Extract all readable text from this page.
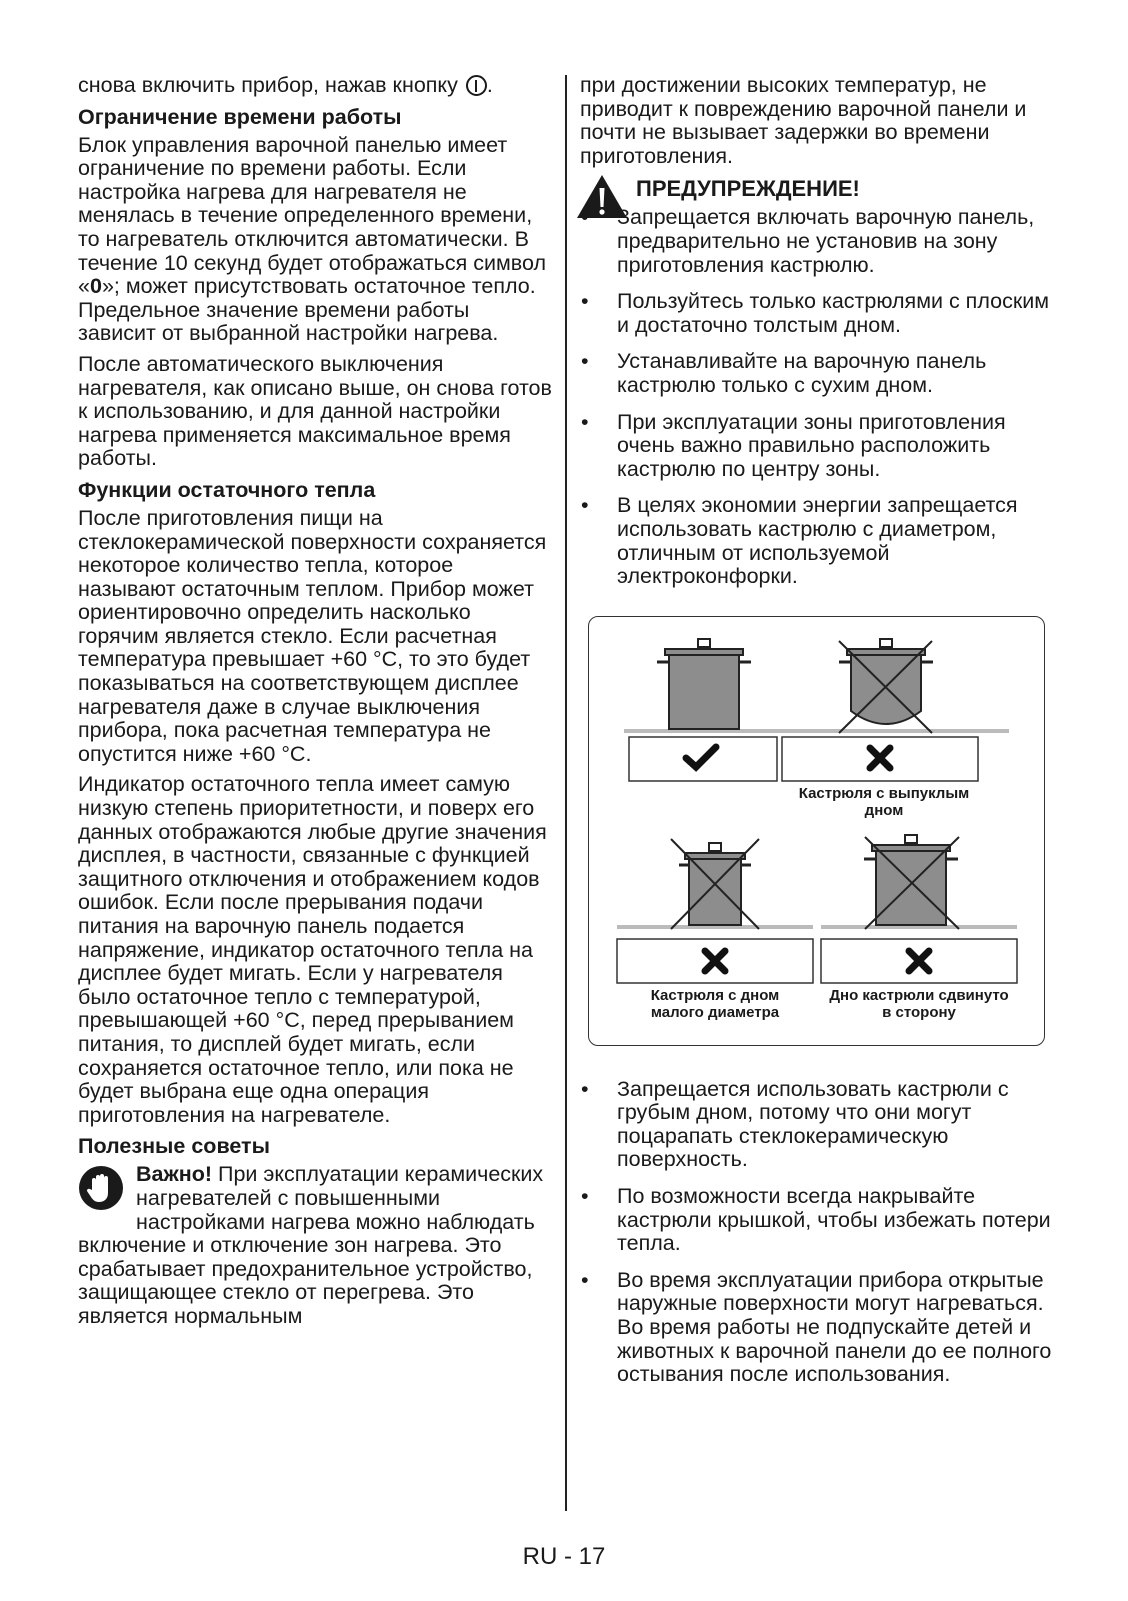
снова включить прибор, нажав кнопку .

Ограничение времени работы

Блок управления варочной панелью имеет ограничение по времени работы. Если настройка нагрева для нагревателя не менялась в течение определенного времени, то нагреватель отключится автоматически. В течение 10 секунд будет отображаться символ «0»; может присутствовать остаточное тепло. Предельное значение времени работы зависит от выбранной настройки нагрева.

После автоматического выключения нагревателя, как описано выше, он снова готов к использованию, и для данной настройки нагрева применяется максимальное время работы.

Функции остаточного тепла

После приготовления пищи на стеклокерамической поверхности сохраняется некоторое количество тепла, которое называют остаточным теплом. Прибор может ориентировочно определить насколько горячим является стекло. Если расчетная температура превышает +60 °С, то это будет показываться на соответствующем дисплее нагревателя даже в случае выключения прибора, пока расчетная температура не опустится ниже +60 °С.

Индикатор остаточного тепла имеет самую низкую степень приоритетности, и поверх его данных отображаются любые другие значения дисплея, в частности, связанные с функцией защитного отключения и отображением кодов ошибок. Если после прерывания подачи питания на варочную панель подается напряжение, индикатор остаточного тепла на дисплее будет мигать. Если у нагревателя было остаточное тепло с температурой, превышающей +60 °С, перед прерыванием питания, то дисплей будет мигать, если сохраняется остаточное тепло, или пока не будет выбрана еще одна операция приготовления на нагревателе.

Полезные советы
Важно! При эксплуатации керамических нагревателей с повышенными настройками нагрева можно наблюдать включение и отключение зон нагрева. Это срабатывает предохранительное устройство, защищающее стекло от перегрева. Это является нормальным

при достижении высоких температур, не приводит к повреждению варочной панели и почти не вызывает задержки во времени приготовления.

ПРЕДУПРЕЖДЕНИЕ!
• Запрещается включать варочную панель, предварительно не установив на зону приготовления кастрюлю.
• Пользуйтесь только кастрюлями с плоским и достаточно толстым дном.
• Устанавливайте на варочную панель кастрюлю только с сухим дном.
• При эксплуатации зоны приготовления очень важно правильно расположить кастрюлю по центру зоны.
• В целях экономии энергии запрещается использовать кастрюлю с диаметром, отличным от используемой электроконфорки.
Кастрюля с выпуклым дном
Кастрюля с дном малого диаметра
Дно кастрюли сдвинуто в сторону
• Запрещается использовать кастрюли с грубым дном, потому что они могут поцарапать стеклокерамическую поверхность.
• По возможности всегда накрывайте кастрюли крышкой, чтобы избежать потери тепла.
• Во время эксплуатации прибора открытые наружные поверхности могут нагреваться. Во время работы не подпускайте детей и животных к варочной панели до ее полного остывания после использования.
RU - 17
